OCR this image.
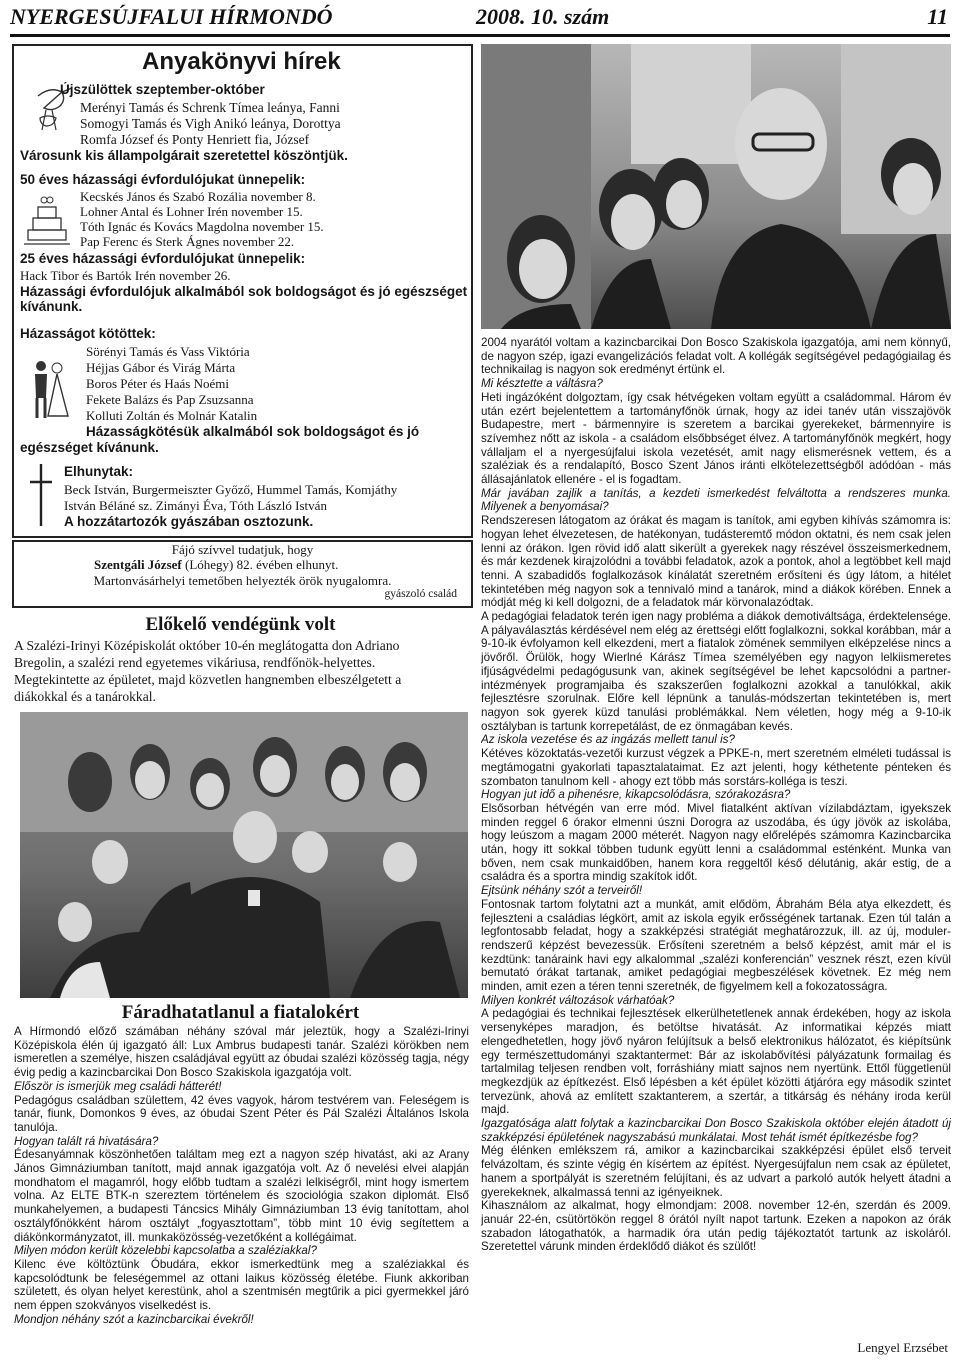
NYERGESÚJFALUI HÍRMONDÓ	2008. 10. szám	11
Anyakönyvi hírek
Újszülöttek szeptember-október
Merényi Tamás és Schrenk Tímea leánya, Fanni
Somogyi Tamás és Vigh Anikó leánya, Dorottya
Romfa József és Ponty Henriett fia, József
Városunk kis állampolgárait szeretettel köszöntjük.
50 éves házassági évfordulójukat ünnepelik:
Kecskés János és Szabó Rozália november 8.
Lohner Antal és Lohner Irén november 15.
Tóth Ignác és Kovács Magdolna november 15.
Pap Ferenc és Sterk Ágnes november 22.
25 éves házassági évfordulójukat ünnepelik:
Hack Tibor és Bartók Irén november 26.
Házassági évfordulójuk alkalmából sok boldogságot és jó egészséget
kívánunk.
Házasságot kötöttek:
Sörényi Tamás és Vass Viktória
Héjjas Gábor és Virág Márta
Boros Péter és Haás Noémi
Fekete Balázs és Pap Zsuzsanna
Kolluti Zoltán és Molnár Katalin
Házasságkötésük alkalmából sok boldogságot és jó
egészséget kívánunk.
Elhunytak:
Beck István, Burgermeiszter Győző, Hummel Tamás, Komjáthy
István Béláné sz. Zimányi Éva, Tóth László István
A hozzátartozók gyászában osztozunk.
Fájó szívvel tudatjuk, hogy
Szentgáli József (Lóhegy) 82. évében elhunyt.
Martonvásárhelyi temetőben helyezték örök nyugalomra.
gyászoló család
Előkelő vendégünk volt
A Szalézi-Irinyi Középiskolát október 10-én meglátogatta don Adriano
Bregolin, a szalézi rend egyetemes vikáriusa, rendfőnök-helyettes.
Megtekintette az épületet, majd közvetlen hangnemben elbeszélgetett a
diákokkal és a tanárokkal.

2004 nyarától voltam a kazincbarcikai Don Bosco Szakiskola igazgatója, ami nem könnyű, de nagyon szép, igazi evangelizációs feladat volt. A kollégák segítségével pedagógiailag és technikailag is nagyon sok eredményt értünk el.

Mi késztette a váltásra?

Heti ingázóként dolgoztam, így csak hétvégeken voltam együtt a családommal. Három év után ezért bejelentettem a tartományfőnök úrnak, hogy az idei tanév után visszajövök Budapestre, mert - bármennyire is szeretem a barcikai gyerekeket, bármennyire is szívemhez nőtt az iskola - a családom elsőbbséget élvez. A tartományfőnök megkért, hogy vállaljam el a nyergesújfalui iskola vezetését, amit nagy elismerésnek vettem, és a szaléziak és a rendalapító, Bosco Szent János iránti elkötelezettségből adódóan - más állásajánlatok ellenére - el is fogadtam.

Már javában zajlik a tanítás, a kezdeti ismerkedést felváltotta a rendszeres munka. Milyenek a benyomásai?

Rendszeresen látogatom az órákat és magam is tanítok, ami egyben kihívás számomra is: hogyan lehet élvezetesen, de hatékonyan, tudásteremtő módon oktatni, és nem csak jelen lenni az órákon. Igen rövid idő alatt sikerült a gyerekek nagy részével összeismerkednem, és már kezdenek kirajzolódni a további feladatok, azok a pontok, ahol a legtöbbet kell majd tenni. A szabadidős foglalkozások kínálatát szeretném erősíteni és úgy látom, a hitélet tekintetében még nagyon sok a tennivaló mind a tanárok, mind a diákok körében. Ennek a módját még ki kell dolgozni, de a feladatok már körvonalazódtak.

A pedagógiai feladatok terén igen nagy probléma a diákok demotiváltsága, érdektelensége. A pályaválasztás kérdésével nem elég az érettségi előtt foglalkozni, sokkal korábban, már a 9-10-ik évfolyamon kell elkezdeni, mert a fiatalok zömének semmilyen elképzelése nincs a jövőről. Örülök, hogy Wierlné Kárász Tímea személyében egy nagyon lelkiismeretes ifjúságvédelmi pedagógusunk van, akinek segítségével be lehet kapcsolódni a partner-intézmények programjaiba és szakszerűen foglalkozni azokkal a tanulókkal, akik fejlesztésre szorulnak. Előre kell lépnünk a tanulás-módszertan tekintetében is, mert nagyon sok gyerek küzd tanulási problémákkal. Nem véletlen, hogy még a 9-10-ik osztályban is tartunk korrepetálást, de ez önmagában kevés.

Az iskola vezetése és az ingázás mellett tanul is?

Kétéves közoktatás-vezetői kurzust végzek a PPKE-n, mert szeretném elméleti tudással is megtámogatni gyakorlati tapasztalataimat. Ez azt jelenti, hogy kéthetente pénteken és szombaton tanulnom kell - ahogy ezt több más sorstárs-kolléga is teszi.

Hogyan jut idő a pihenésre, kikapcsolódásra, szórakozásra?

Elsősorban hétvégén van erre mód. Mivel fiatalként aktívan vízilabdáztam, igyekszek minden reggel 6 órakor elmenni úszni Dorogra az uszodába, és úgy jövök az iskolába, hogy leúszom a magam 2000 méterét. Nagyon nagy előrelépés számomra Kazincbarcika után, hogy itt sokkal többen tudunk együtt lenni a családommal esténként. Munka van bőven, nem csak munkaidőben, hanem kora reggeltől késő délutánig, akár estig, de a családra és a sportra mindig szakítok időt.

Ejtsünk néhány szót a terveiről!

Fontosnak tartom folytatni azt a munkát, amit elődöm, Ábrahám Béla atya elkezdett, és fejleszteni a családias légkört, amit az iskola egyik erősségének tartanak. Ezen túl talán a legfontosabb feladat, hogy a szakképzési stratégiát meghatározzuk, ill. az új, modulerrendszerű képzést bevezessük. Erősíteni szeretném a belső képzést, amit már el is kezdtünk: tanáraink havi egy alkalommal „szalézi konferencián” vesznek részt, ezen kívül bemutató órákat tartanak, amiket pedagógiai megbeszélések követnek. Ez még nem minden, amit ezen a téren tenni szeretnék, de figyelmem kell a fokozatosságra.

Milyen konkrét változások várhatóak?

A pedagógiai és technikai fejlesztések elkerülhetetlenek annak érdekében, hogy az iskola versenyképes maradjon, és betöltse hivatását. Az informatikai képzés miatt elengedhetetlen, hogy jövő nyáron felújítsuk a belső elektronikus hálózatot, és kiépítsünk egy természettudományi szaktantermet: Bár az iskolabővítési pályázatunk formailag és tartalmilag teljesen rendben volt, forráshiány miatt sajnos nem nyertünk. Ettől függetlenül megkezdjük az építkezést. Első lépésben a két épület közötti átjáróra egy második szintet tervezünk, ahová az említett szaktanterem, a szertár, a titkárság és néhány iroda kerül majd.

Igazgatósága alatt folytak a kazincbarcikai Don Bosco Szakiskola október elején átadott új szakképzési épületének nagyszabású munkálatai. Most tehát ismét építkezésbe fog?

Még élénken emlékszem rá, amikor a kazincbarcikai szakképzési épület első terveit felvázoltam, és szinte végig én kísértem az építést. Nyergesújfalun nem csak az épületet, hanem a sportpályát is szeretném felújítani, és az udvart a parkoló autók helyett átadni a gyerekeknek, alkalmassá tenni az igényeiknek.

Kihasználom az alkalmat, hogy elmondjam: 2008. november 12-én, szerdán és 2009. január 22-én, csütörtökön reggel 8 órától nyílt napot tartunk. Ezeken a napokon az órák szabadon látogathatók, a harmadik óra után pedig tájékoztatót tartunk az iskoláról. Szeretettel várunk minden érdeklődő diákot és szülőt!

Lengyel Erzsébet
Fáradhatatlanul a fiatalokért

A Hírmondó előző számában néhány szóval már jeleztük, hogy a Szalézi-Irinyi Középiskola élén új igazgató áll: Lux Ambrus budapesti tanár. Szalézi körökben nem ismeretlen a személye, hiszen családjával együtt az óbudai szalézi közösség tagja, négy évig pedig a kazincbarcikai Don Bosco Szakiskola igazgatója volt.

Először is ismerjük meg családi hátterét!

Pedagógus családban születtem, 42 éves vagyok, három testvérem van. Feleségem is tanár, fiunk, Domonkos 9 éves, az óbudai Szent Péter és Pál Szalézi Általános Iskola tanulója.

Hogyan talált rá hivatására?

Édesanyámnak köszönhetően találtam meg ezt a nagyon szép hivatást, aki az Arany János Gimnáziumban tanított, majd annak igazgatója volt. Az ő nevelési elvei alapján mondhatom el magamról, hogy előbb tudtam a szalézi lelkiségről, mint hogy ismertem volna. Az ELTE BTK-n szereztem történelem és szociológia szakon diplomát. Első munkahelyemen, a budapesti Táncsics Mihály Gimnáziumban 13 évig tanítottam, ahol osztályfőnökként három osztályt „fogyasztottam”, több mint 10 évig segítettem a diákönkormányzatot, ill. munkaközösség-vezetőként a kollégáimat.

Milyen módon került közelebbi kapcsolatba a szaléziakkal?

Kilenc éve költöztünk Óbudára, ekkor ismerkedtünk meg a szaléziakkal és kapcsolódtunk be feleségemmel az ottani laikus közösség életébe. Fiunk akkoriban született, és olyan helyet kerestünk, ahol a szentmisén megtűrik a pici gyermekkel járó nem éppen szokványos viselkedést is.

Mondjon néhány szót a kazincbarcikai évekről!
